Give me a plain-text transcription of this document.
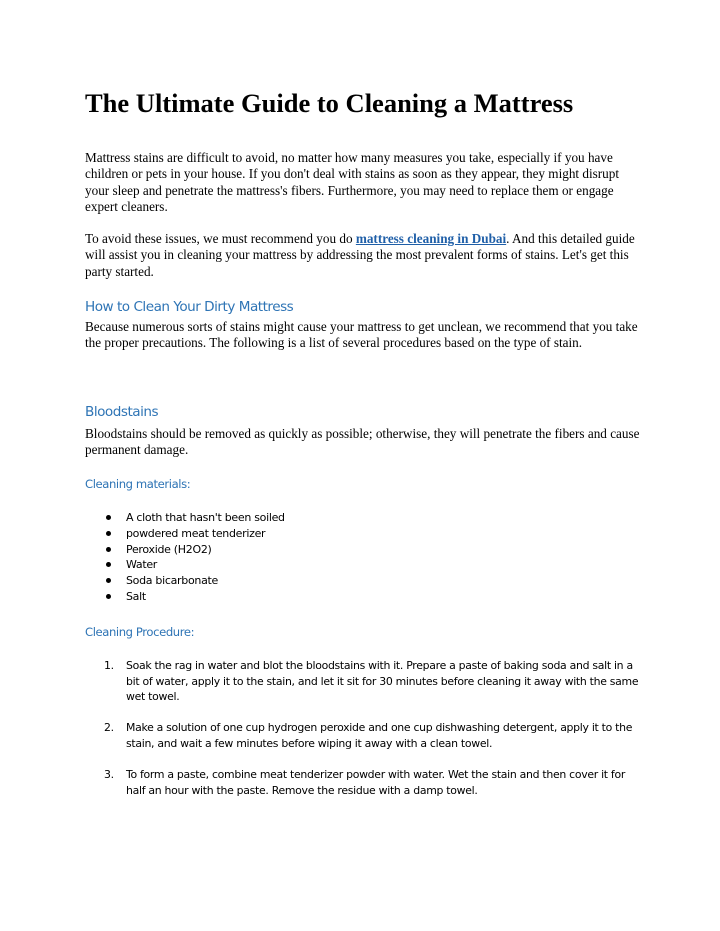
The Ultimate Guide to Cleaning a Mattress

Mattress stains are difficult to avoid, no matter how many measures you take, especially if you have children or pets in your house. If you don't deal with stains as soon as they appear, they might disrupt your sleep and penetrate the mattress's fibers. Furthermore, you may need to replace them or engage expert cleaners.

To avoid these issues, we must recommend you do mattress cleaning in Dubai. And this detailed guide will assist you in cleaning your mattress by addressing the most prevalent forms of stains. Let's get this party started.

How to Clean Your Dirty Mattress

Because numerous sorts of stains might cause your mattress to get unclean, we recommend that you take the proper precautions. The following is a list of several procedures based on the type of stain.

Bloodstains

Bloodstains should be removed as quickly as possible; otherwise, they will penetrate the fibers and cause permanent damage.

Cleaning materials:
A cloth that hasn't been soiled
powdered meat tenderizer
Peroxide (H2O2)
Water
Soda bicarbonate
Salt
Cleaning Procedure:
1. Soak the rag in water and blot the bloodstains with it. Prepare a paste of baking soda and salt in a bit of water, apply it to the stain, and let it sit for 30 minutes before cleaning it away with the same wet towel.
2. Make a solution of one cup hydrogen peroxide and one cup dishwashing detergent, apply it to the stain, and wait a few minutes before wiping it away with a clean towel.
3. To form a paste, combine meat tenderizer powder with water. Wet the stain and then cover it for half an hour with the paste. Remove the residue with a damp towel.
